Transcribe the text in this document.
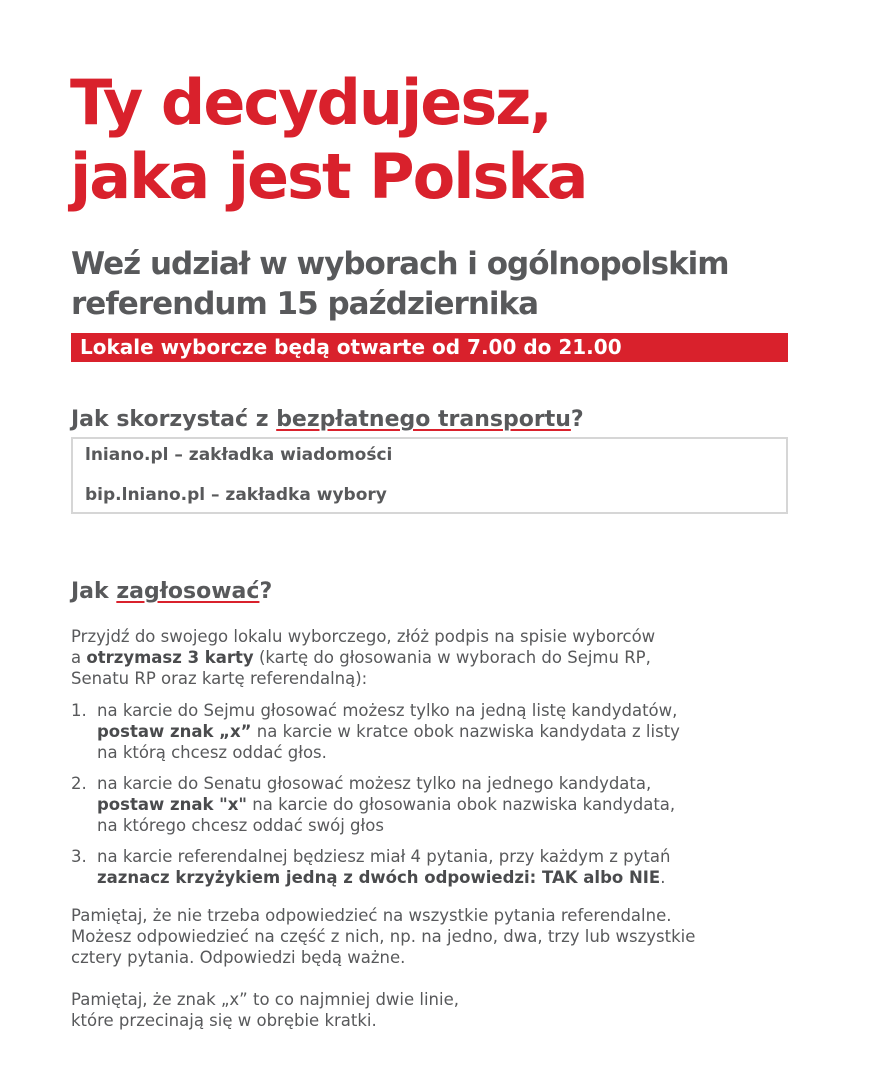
Ty decydujesz,
jaka jest Polska
Weź udział w wyborach i ogólnopolskim
referendum 15 października
Lokale wyborcze będą otwarte od 7.00 do 21.00
Jak skorzystać z bezpłatnego transportu?
lniano.pl – zakładka wiadomości
bip.lniano.pl – zakładka wybory
Jak zagłosować?

Przyjdź do swojego lokalu wyborczego, złóż podpis na spisie wyborców
a otrzymasz 3 karty (kartę do głosowania w wyborach do Sejmu RP,
Senatu RP oraz kartę referendalną):

1. na karcie do Sejmu głosować możesz tylko na jedną listę kandydatów,
postaw znak „x” na karcie w kratce obok nazwiska kandydata z listy
na którą chcesz oddać głos.
2. na karcie do Senatu głosować możesz tylko na jednego kandydata,
postaw znak "x" na karcie do głosowania obok nazwiska kandydata,
na którego chcesz oddać swój głos
3. na karcie referendalnej będziesz miał 4 pytania, przy każdym z pytań
zaznacz krzyżykiem jedną z dwóch odpowiedzi: TAK albo NIE.

Pamiętaj, że nie trzeba odpowiedzieć na wszystkie pytania referendalne.
Możesz odpowiedzieć na część z nich, np. na jedno, dwa, trzy lub wszystkie
cztery pytania. Odpowiedzi będą ważne.

Pamiętaj, że znak „x” to co najmniej dwie linie,
które przecinają się w obrębie kratki.
